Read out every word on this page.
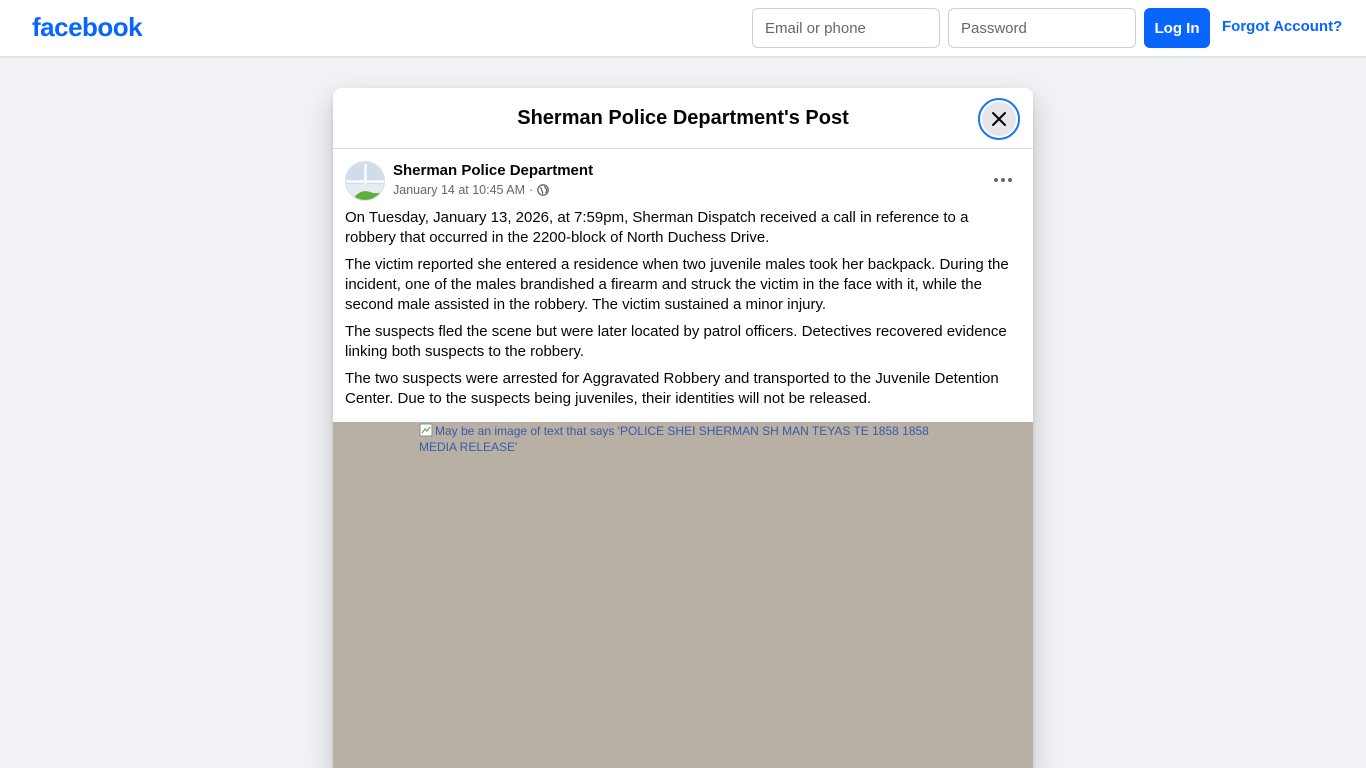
facebook
Email or phone	Log In	Forgot Account?
Sherman Police Department's Post
Sherman Police Department
January 14 at 10:45 AM ·

On Tuesday, January 13, 2026, at 7:59pm, Sherman Dispatch received a call in reference to a robbery that occurred in the 2200-block of North Duchess Drive.

The victim reported she entered a residence when two juvenile males took her backpack. During the incident, one of the males brandished a firearm and struck the victim in the face with it, while the second male assisted in the robbery. The victim sustained a minor injury.

The suspects fled the scene but were later located by patrol officers. Detectives recovered evidence linking both suspects to the robbery.

The two suspects were arrested for Aggravated Robbery and transported to the Juvenile Detention Center. Due to the suspects being juveniles, their identities will not be released.

May be an image of text that says 'POLICE SHEI SHERMAN SH MAN TEYAS TE 1858 1858 MEDIA RELEASE'
